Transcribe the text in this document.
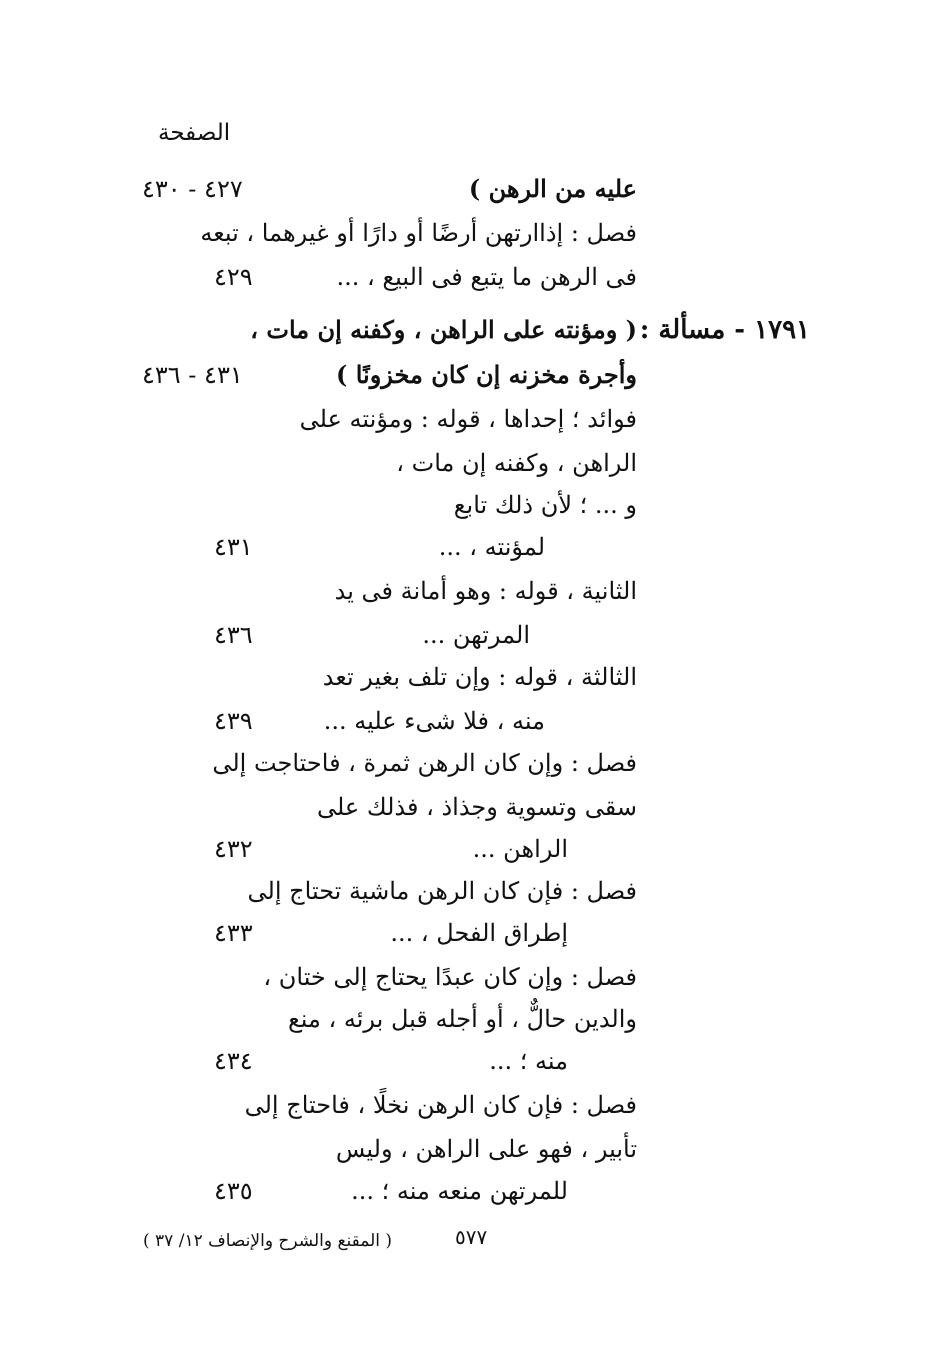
الصفحة
عليه من الرهن )
٤٢٧ - ٤٣٠
فصل : إذاارتهن أرضًا أو دارًا أو غيرهما ، تبعه
فى الرهن ما يتبع فى البيع ، ...
٤٢٩
١٧٩١ - مسألة :
( ومؤنته على الراهن ، وكفنه إن مات ،
وأجرة مخزنه إن كان مخزونًا )
٤٣١ - ٤٣٦
فوائد ؛ إحداها ، قوله : ومؤنته على
الراهن ، وكفنه إن مات ،
و ... ؛ لأن ذلك تابع
لمؤنته ، ...
٤٣١
الثانية ، قوله : وهو أمانة فى يد
المرتهن ...
٤٣٦
الثالثة ، قوله : وإن تلف بغير تعد
منه ، فلا شىء عليه ...
٤٣٩
فصل : وإن كان الرهن ثمرة ، فاحتاجت إلى
سقى وتسوية وجذاذ ، فذلك على
الراهن ...
٤٣٢
فصل : فإن كان الرهن ماشية تحتاج إلى
إطراق الفحل ، ...
٤٣٣
فصل : وإن كان عبدًا يحتاج إلى ختان ،
والدين حالٌّ ، أو أجله قبل برئه ، منع
منه ؛ ...
٤٣٤
فصل : فإن كان الرهن نخلًا ، فاحتاج إلى
تأبير ، فهو على الراهن ، وليس
للمرتهن منعه منه ؛ ...
٤٣٥
٥٧٧
( المقنع والشرح والإنصاف ١٢/ ٣٧ )
